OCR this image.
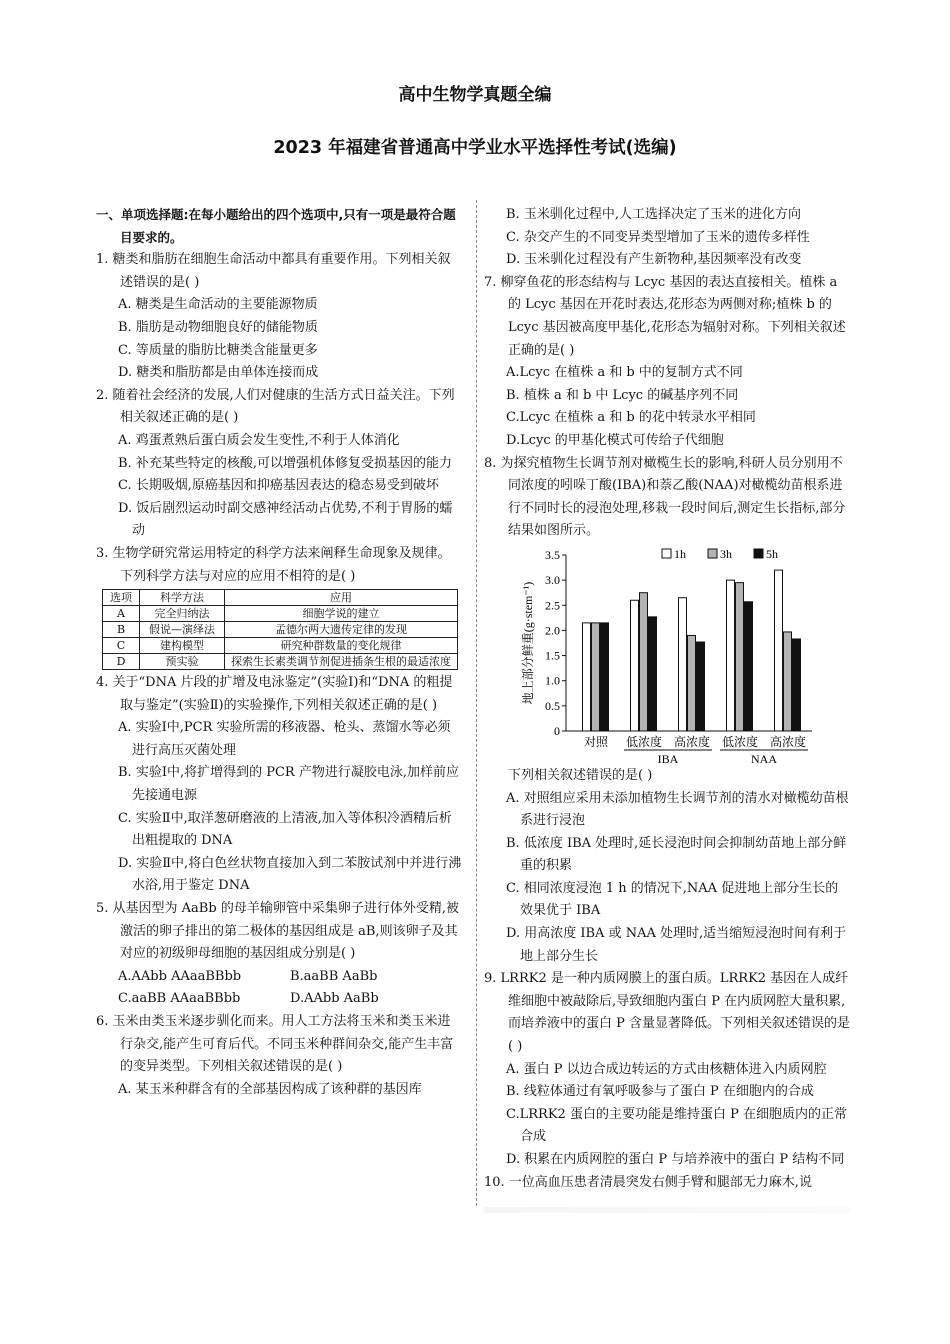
高中生物学真题全编
2023 年福建省普通高中学业水平选择性考试(选编)
一、单项选择题:在每小题给出的四个选项中,只有一项是最符合题目要求的。
1. 糖类和脂肪在细胞生命活动中都具有重要作用。下列相关叙述错误的是( )
A. 糖类是生命活动的主要能源物质
B. 脂肪是动物细胞良好的储能物质
C. 等质量的脂肪比糖类含能量更多
D. 糖类和脂肪都是由单体连接而成
2. 随着社会经济的发展,人们对健康的生活方式日益关注。下列相关叙述正确的是( )
A. 鸡蛋煮熟后蛋白质会发生变性,不利于人体消化
B. 补充某些特定的核酸,可以增强机体修复受损基因的能力
C. 长期吸烟,原癌基因和抑癌基因表达的稳态易受到破坏
D. 饭后剧烈运动时副交感神经活动占优势,不利于胃肠的蠕动
3. 生物学研究常运用特定的科学方法来阐释生命现象及规律。下列科学方法与对应的应用不相符的是( )
选项	科学方法	应用
A	完全归纳法	细胞学说的建立
B	假说—演绎法	孟德尔两大遗传定律的发现
C	建构模型	研究种群数量的变化规律
D	预实验	探索生长素类调节剂促进插条生根的最适浓度
4. 关于“DNA 片段的扩增及电泳鉴定”(实验Ⅰ)和“DNA 的粗提取与鉴定”(实验Ⅱ)的实验操作,下列相关叙述正确的是( )
A. 实验Ⅰ中,PCR 实验所需的移液器、枪头、蒸馏水等必须进行高压灭菌处理
B. 实验Ⅰ中,将扩增得到的 PCR 产物进行凝胶电泳,加样前应先接通电源
C. 实验Ⅱ中,取洋葱研磨液的上清液,加入等体积冷酒精后析出粗提取的 DNA
D. 实验Ⅱ中,将白色丝状物直接加入到二苯胺试剂中并进行沸水浴,用于鉴定 DNA
5. 从基因型为 AaBb 的母羊输卵管中采集卵子进行体外受精,被激活的卵子排出的第二极体的基因组成是 aB,则该卵子及其对应的初级卵母细胞的基因组成分别是( )
A.AAbb AAaaBBbb	B.aaBB AaBb
C.aaBB AAaaBBbb	D.AAbb AaBb
6. 玉米由类玉米逐步驯化而来。用人工方法将玉米和类玉米进行杂交,能产生可育后代。不同玉米种群间杂交,能产生丰富的变异类型。下列相关叙述错误的是( )
A. 某玉米种群含有的全部基因构成了该种群的基因库
B. 玉米驯化过程中,人工选择决定了玉米的进化方向
C. 杂交产生的不同变异类型增加了玉米的遗传多样性
D. 玉米驯化过程没有产生新物种,基因频率没有改变
7. 柳穿鱼花的形态结构与 Lcyc 基因的表达直接相关。植株 a 的 Lcyc 基因在开花时表达,花形态为两侧对称;植株 b 的 Lcyc 基因被高度甲基化,花形态为辐射对称。下列相关叙述正确的是( )
A.Lcyc 在植株 a 和 b 中的复制方式不同
B. 植株 a 和 b 中 Lcyc 的碱基序列不同
C.Lcyc 在植株 a 和 b 的花中转录水平相同
D.Lcyc 的甲基化模式可传给子代细胞
8. 为探究植物生长调节剂对橄榄生长的影响,科研人员分别用不同浓度的吲哚丁酸(IBA)和萘乙酸(NAA)对橄榄幼苗根系进行不同时长的浸泡处理,移栽一段时间后,测定生长指标,部分结果如图所示。
0
0.5
1.0
1.5
2.0
2.5
3.0
3.5
地上部分鲜重(g·stem⁻¹)
对照 低浓度 高浓度 低浓度 高浓度
IBA	NAA
1h	3h	5h
下列相关叙述错误的是( )
A. 对照组应采用未添加植物生长调节剂的清水对橄榄幼苗根系进行浸泡
B. 低浓度 IBA 处理时,延长浸泡时间会抑制幼苗地上部分鲜重的积累
C. 相同浓度浸泡 1 h 的情况下,NAA 促进地上部分生长的效果优于 IBA
D. 用高浓度 IBA 或 NAA 处理时,适当缩短浸泡时间有利于地上部分生长
9. LRRK2 是一种内质网膜上的蛋白质。LRRK2 基因在人成纤维细胞中被敲除后,导致细胞内蛋白 P 在内质网腔大量积累,而培养液中的蛋白 P 含量显著降低。下列相关叙述错误的是( )
A. 蛋白 P 以边合成边转运的方式由核糖体进入内质网腔
B. 线粒体通过有氧呼吸参与了蛋白 P 在细胞内的合成
C.LRRK2 蛋白的主要功能是维持蛋白 P 在细胞质内的正常合成
D. 积累在内质网腔的蛋白 P 与培养液中的蛋白 P 结构不同
10. 一位高血压患者清晨突发右侧手臂和腿部无力麻木,说
